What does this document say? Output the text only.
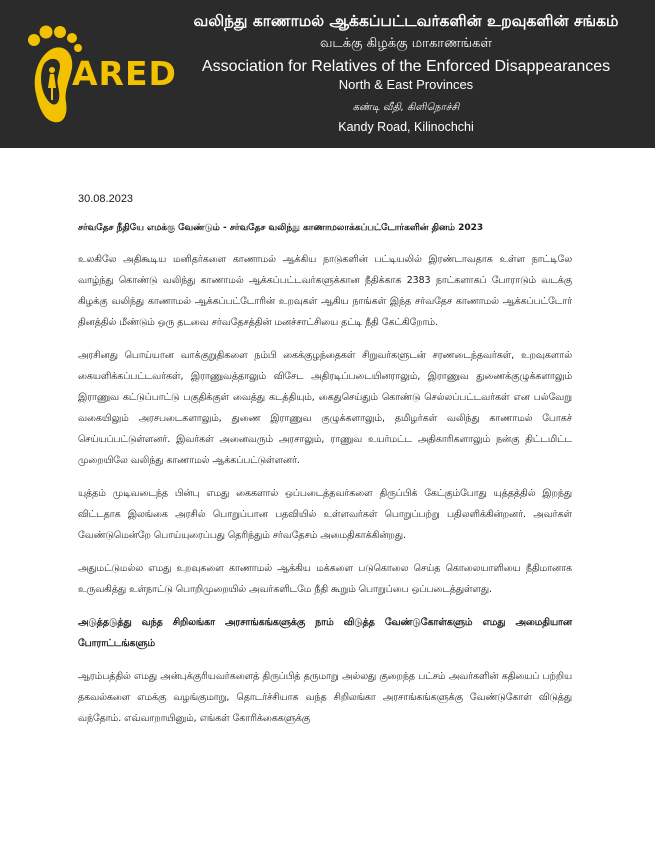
ARED
வலிந்து காணாமல் ஆக்கப்பட்டவர்களின் உறவுகளின் சங்கம்
வடக்கு கிழக்கு மாகாணங்கள்
Association for Relatives of the Enforced Disappearances
North & East Provinces
கண்டி வீதி, கிளிநொச்சி
Kandy Road, Kilinochchi
30.08.2023
சர்வதேச நீதியே எமக்கு வேண்டும் - சர்வதேச வலிந்து காணாமலாக்கப்பட்டோர்களின் தினம் 2023
உலகிலே அதிகூடிய மனிதர்களை காணாமல் ஆக்கிய நாடுகளின் பட்டியலில் இரண்டாவதாக உள்ள நாட்டிலே வாழ்ந்து கொண்டு வலிந்து காணாமல் ஆக்கப்பட்டவர்களுக்கான நீதிக்காக 2383 நாட்களாகப் போராடும் வடக்கு கிழக்கு வலிந்து காணாமல் ஆக்கப்பட்டோரின் உறவுகள் ஆகிய நாங்கள் இந்த சர்வதேச காணாமல் ஆக்கப்பட்டோர் தினத்தில் மீண்டும் ஒரு தடவை சர்வதேசத்தின் மனச்சாட்சியை தட்டி நீதி கேட்கிறோம்.
அரசினது பொய்யான வாக்குறுதிகளை நம்பி கைக்குழந்தைகள் சிறுவர்களுடன் சரணடைந்தவர்கள், உறவுகளால் கையளிக்கப்பட்டவர்கள், இராணுவத்தாலும் விசேட அதிரடிப்படையினராலும், இராணுவ துணைக்குழுக்களாலும் இராணுவ கட்டுப்பாட்டு பகுதிக்குள் வைத்து கடத்தியும், கைதுசெய்தும் கொண்டு செல்லப்பட்டவர்கள் என பல்வேறு வகையிலும் அரசபடைகளாலும், துணை இராணுவ குழுக்களாலும், தமிழர்கள் வலிந்து காணாமல் போகச் செய்யப்பட்டுள்ளனர். இவர்கள் அனைவரும் அரசாலும், ராணுவ உயர்மட்ட அதிகாரிகளாலும் நன்கு திட்டமிட்ட முறையிலே வலிந்து காணாமல் ஆக்கப்பட்டுள்ளனர்.
யுத்தம் முடிவடைந்த பின்பு எமது கைகளால் ஒப்படைத்தவர்களை திருப்பிக் கேட்கும்போது யுத்தத்தில் இறந்து விட்டதாக இலங்கை அரசில் பொறுப்பான பதவியில் உள்ளவர்கள் பொறுப்பற்று பதிலளிக்கின்றனர். அவர்கள் வேண்டுமென்றே பொய்யுரைப்பது தெரிந்தும் சர்வதேசம் அமைதிகாக்கின்றது.
அதுமட்டுமல்ல எமது உறவுகளை காணாமல் ஆக்கிய மக்களை படுகொலை செய்த கொலையாளியை நீதிமானாக உருவகித்து உள்நாட்டு பொறிமுறையில் அவர்களிடமே நீதி கூறும் பொறுப்பை ஒப்படைத்துள்ளது.
அடுத்தடுத்து வந்த சிறிலங்கா அரசாங்கங்களுக்கு நாம் விடுத்த வேண்டுகோள்களும் எமது அமைதியான போராட்டங்களும்
ஆரம்பத்தில் எமது அன்புக்குரியவர்களைத் திருப்பித் தருமாறு அல்லது குறைந்த பட்சம் அவர்களின் கதியைப் பற்றிய தகவல்களை எமக்கு வழங்குமாறு, தொடர்ச்சியாக வந்த சிறிலங்கா அரசாங்கங்களுக்கு வேண்டுகோள் விடுத்து வந்தோம். எவ்வாறாயினும், எங்கள் கோரிக்கைகளுக்கு
